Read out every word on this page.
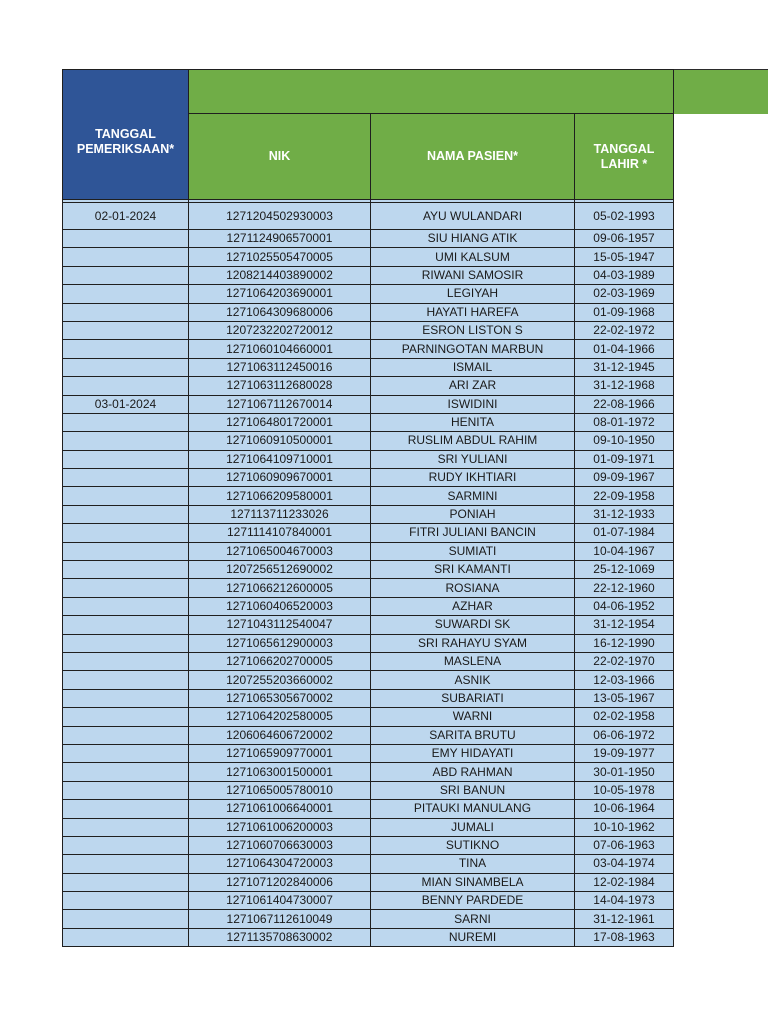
TANGGAL PEMERIKSAAN*			

	NIK	NAMA PASIEN*	TANGGAL LAHIR *

02-01-2024	1271204502930003	AYU WULANDARI	05-02-1993
	1271124906570001	SIU HIANG ATIK	09-06-1957
	1271025505470005	UMI KALSUM	15-05-1947
	1208214403890002	RIWANI SAMOSIR	04-03-1989
	1271064203690001	LEGIYAH	02-03-1969
	1271064309680006	HAYATI HAREFA	01-09-1968
	1207232202720012	ESRON LISTON S	22-02-1972
	1271060104660001	PARNINGOTAN MARBUN	01-04-1966
	1271063112450016	ISMAIL	31-12-1945
	1271063112680028	ARI ZAR	31-12-1968
03-01-2024	1271067112670014	ISWIDINI	22-08-1966
	1271064801720001	HENITA	08-01-1972
	1271060910500001	RUSLIM ABDUL RAHIM	09-10-1950
	1271064109710001	SRI YULIANI	01-09-1971
	1271060909670001	RUDY IKHTIARI	09-09-1967
	1271066209580001	SARMINI	22-09-1958
	127113711233026	PONIAH	31-12-1933
	1271114107840001	FITRI JULIANI BANCIN	01-07-1984
	1271065004670003	SUMIATI	10-04-1967
	1207256512690002	SRI KAMANTI	25-12-1069
	1271066212600005	ROSIANA	22-12-1960
	1271060406520003	AZHAR	04-06-1952
	1271043112540047	SUWARDI SK	31-12-1954
	1271065612900003	SRI RAHAYU SYAM	16-12-1990
	1271066202700005	MASLENA	22-02-1970
	1207255203660002	ASNIK	12-03-1966
	1271065305670002	SUBARIATI	13-05-1967
	1271064202580005	WARNI	02-02-1958
	1206064606720002	SARITA BRUTU	06-06-1972
	1271065909770001	EMY HIDAYATI	19-09-1977
	1271063001500001	ABD RAHMAN	30-01-1950
	1271065005780010	SRI BANUN	10-05-1978
	1271061006640001	PITAUKI MANULANG	10-06-1964
	1271061006200003	JUMALI	10-10-1962
	1271060706630003	SUTIKNO	07-06-1963
	1271064304720003	TINA	03-04-1974
	1271071202840006	MIAN SINAMBELA	12-02-1984
	1271061404730007	BENNY PARDEDE	14-04-1973
	1271067112610049	SARNI	31-12-1961
	1271135708630002	NUREMI	17-08-1963
